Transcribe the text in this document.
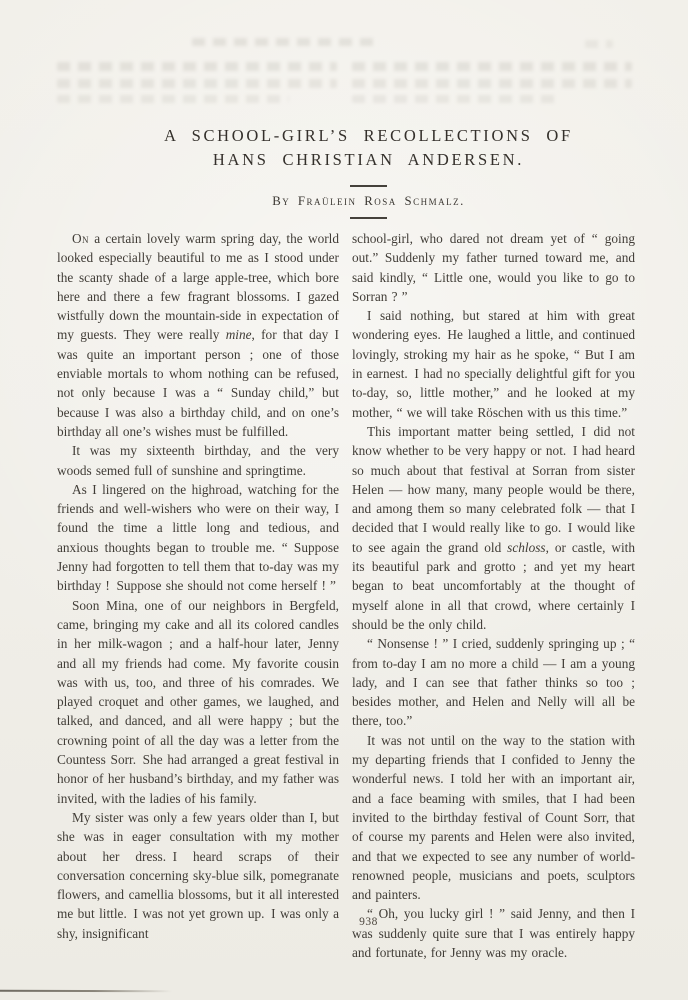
A SCHOOL-GIRL’S RECOLLECTIONS OF
HANS CHRISTIAN ANDERSEN.

By Fraülein Rosa Schmalz.

On a certain lovely warm spring day, the world looked especially beautiful to me as I stood under the scanty shade of a large apple-tree, which bore here and there a few fragrant blossoms. I gazed wistfully down the mountain-side in expectation of my guests. They were really mine, for that day I was quite an important person ; one of those enviable mortals to whom nothing can be refused, not only because I was a “ Sunday child,” but because I was also a birthday child, and on one’s birthday all one’s wishes must be fulfilled.

It was my sixteenth birthday, and the very woods semed full of sunshine and springtime.

As I lingered on the highroad, watching for the friends and well-wishers who were on their way, I found the time a little long and tedious, and anxious thoughts began to trouble me. “ Suppose Jenny had forgotten to tell them that to-day was my birthday ! Suppose she should not come herself ! ”

Soon Mina, one of our neighbors in Bergfeld, came, bringing my cake and all its colored candles in her milk-wagon ; and a half-hour later, Jenny and all my friends had come. My favorite cousin was with us, too, and three of his comrades. We played croquet and other games, we laughed, and talked, and danced, and all were happy ; but the crowning point of all the day was a letter from the Countess Sorr. She had arranged a great festival in honor of her husband’s birthday, and my father was invited, with the ladies of his family.

My sister was only a few years older than I, but she was in eager consultation with my mother about her dress. I heard scraps of their conversation concerning sky-blue silk, pomegranate flowers, and camellia blossoms, but it all interested me but little. I was not yet grown up. I was only a shy, insignificant

school-girl, who dared not dream yet of “ going out.” Suddenly my father turned toward me, and said kindly, “ Little one, would you like to go to Sorran ? ”

I said nothing, but stared at him with great wondering eyes. He laughed a little, and continued lovingly, stroking my hair as he spoke, “ But I am in earnest. I had no specially delightful gift for you to-day, so, little mother,” and he looked at my mother, “ we will take Röschen with us this time.”

This important matter being settled, I did not know whether to be very happy or not. I had heard so much about that festival at Sorran from sister Helen — how many, many people would be there, and among them so many celebrated folk — that I decided that I would really like to go. I would like to see again the grand old schloss, or castle, with its beautiful park and grotto ; and yet my heart began to beat uncomfortably at the thought of myself alone in all that crowd, where certainly I should be the only child.

“ Nonsense ! ” I cried, suddenly springing up ; “ from to-day I am no more a child — I am a young lady, and I can see that father thinks so too ; besides mother, and Helen and Nelly will all be there, too.”

It was not until on the way to the station with my departing friends that I confided to Jenny the wonderful news. I told her with an important air, and a face beaming with smiles, that I had been invited to the birthday festival of Count Sorr, that of course my parents and Helen were also invited, and that we expected to see any number of world-renowned people, musicians and poets, sculptors and painters.

“ Oh, you lucky girl ! ” said Jenny, and then I was suddenly quite sure that I was entirely happy and fortunate, for Jenny was my oracle.

938
